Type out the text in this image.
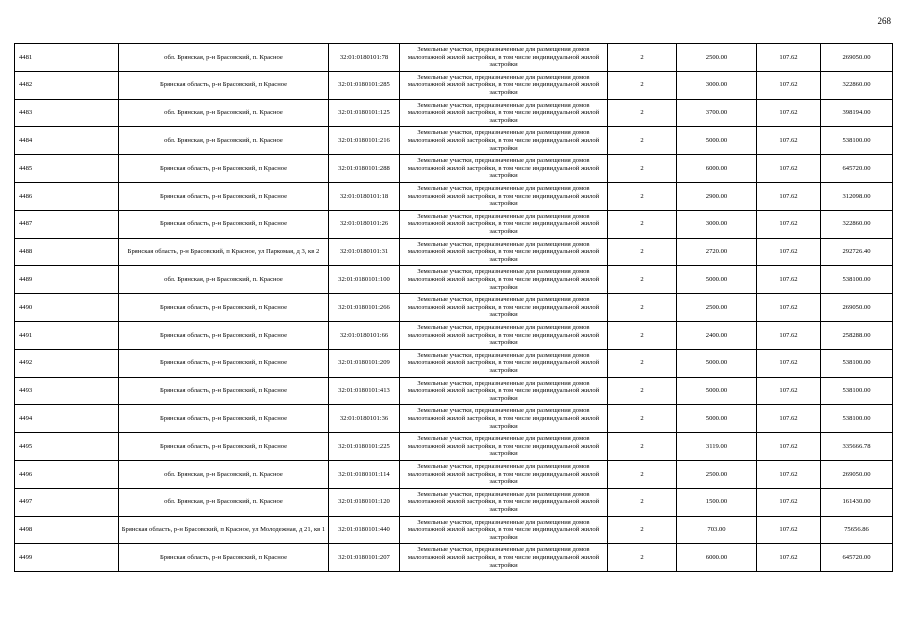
268
4481	обл. Брянская, р-н Брасовский, п. Красное	32:01:0180101:78	Земельные участки, предназначенные для размещения домов малоэтажной жилой застройки, в том числе индивидуальной жилой застройки	2	2500.00	107.62	269050.00
4482	Брянская область, р-н Брасовский, п Красное	32:01:0180101:285	Земельные участки, предназначенные для размещения домов малоэтажной жилой застройки, в том числе индивидуальной жилой застройки	2	3000.00	107.62	322860.00
4483	обл. Брянская, р-н Брасовский, п. Красное	32:01:0180101:125	Земельные участки, предназначенные для размещения домов малоэтажной жилой застройки, в том числе индивидуальной жилой застройки	2	3700.00	107.62	398194.00
4484	обл. Брянская, р-н Брасовский, п. Красное	32:01:0180101:216	Земельные участки, предназначенные для размещения домов малоэтажной жилой застройки, в том числе индивидуальной жилой застройки	2	5000.00	107.62	538100.00
4485	Брянская область, р-н Брасовский, п Красное	32:01:0180101:288	Земельные участки, предназначенные для размещения домов малоэтажной жилой застройки, в том числе индивидуальной жилой застройки	2	6000.00	107.62	645720.00
4486	Брянская область, р-н Брасовский, п Красное	32:01:0180101:18	Земельные участки, предназначенные для размещения домов малоэтажной жилой застройки, в том числе индивидуальной жилой застройки	2	2900.00	107.62	312098.00
4487	Брянская область, р-н Брасовский, п Красное	32:01:0180101:26	Земельные участки, предназначенные для размещения домов малоэтажной жилой застройки, в том числе индивидуальной жилой застройки	2	3000.00	107.62	322860.00
4488	Брянская область, р-н Брасовский, п Красное, ул Паркомая, д 3, кв 2	32:01:0180101:31	Земельные участки, предназначенные для размещения домов малоэтажной жилой застройки, в том числе индивидуальной жилой застройки	2	2720.00	107.62	292726.40
4489	обл. Брянская, р-н Брасовский, п. Красное	32:01:0180101:100	Земельные участки, предназначенные для размещения домов малоэтажной жилой застройки, в том числе индивидуальной жилой застройки	2	5000.00	107.62	538100.00
4490	Брянская область, р-н Брасовский, п Красное	32:01:0180101:266	Земельные участки, предназначенные для размещения домов малоэтажной жилой застройки, в том числе индивидуальной жилой застройки	2	2500.00	107.62	269050.00
4491	Брянская область, р-н Брасовский, п Красное	32:01:0180101:66	Земельные участки, предназначенные для размещения домов малоэтажной жилой застройки, в том числе индивидуальной жилой застройки	2	2400.00	107.62	258288.00
4492	Брянская область, р-н Брасовский, п Красное	32:01:0180101:209	Земельные участки, предназначенные для размещения домов малоэтажной жилой застройки, в том числе индивидуальной жилой застройки	2	5000.00	107.62	538100.00
4493	Брянская область, р-н Брасовский, п Красное	32:01:0180101:413	Земельные участки, предназначенные для размещения домов малоэтажной жилой застройки, в том числе индивидуальной жилой застройки	2	5000.00	107.62	538100.00
4494	Брянская область, р-н Брасовский, п Красное	32:01:0180101:36	Земельные участки, предназначенные для размещения домов малоэтажной жилой застройки, в том числе индивидуальной жилой застройки	2	5000.00	107.62	538100.00
4495	Брянская область, р-н Брасовский, п Красное	32:01:0180101:225	Земельные участки, предназначенные для размещения домов малоэтажной жилой застройки, в том числе индивидуальной жилой застройки	2	3119.00	107.62	335666.78
4496	обл. Брянская, р-н Брасовский, п. Красное	32:01:0180101:114	Земельные участки, предназначенные для размещения домов малоэтажной жилой застройки, в том числе индивидуальной жилой застройки	2	2500.00	107.62	269050.00
4497	обл. Брянская, р-н Брасовский, п. Красное	32:01:0180101:120	Земельные участки, предназначенные для размещения домов малоэтажной жилой застройки, в том числе индивидуальной жилой застройки	2	1500.00	107.62	161430.00
4498	Брянская область, р-н Брасовский, п Красное, ул Молодежная, д 21, кв 1	32:01:0180101:440	Земельные участки, предназначенные для размещения домов малоэтажной жилой застройки, в том числе индивидуальной жилой застройки	2	703.00	107.62	75656.86
4499	Брянская область, р-н Брасовский, п Красное	32:01:0180101:207	Земельные участки, предназначенные для размещения домов малоэтажной жилой застройки, в том числе индивидуальной жилой застройки	2	6000.00	107.62	645720.00
